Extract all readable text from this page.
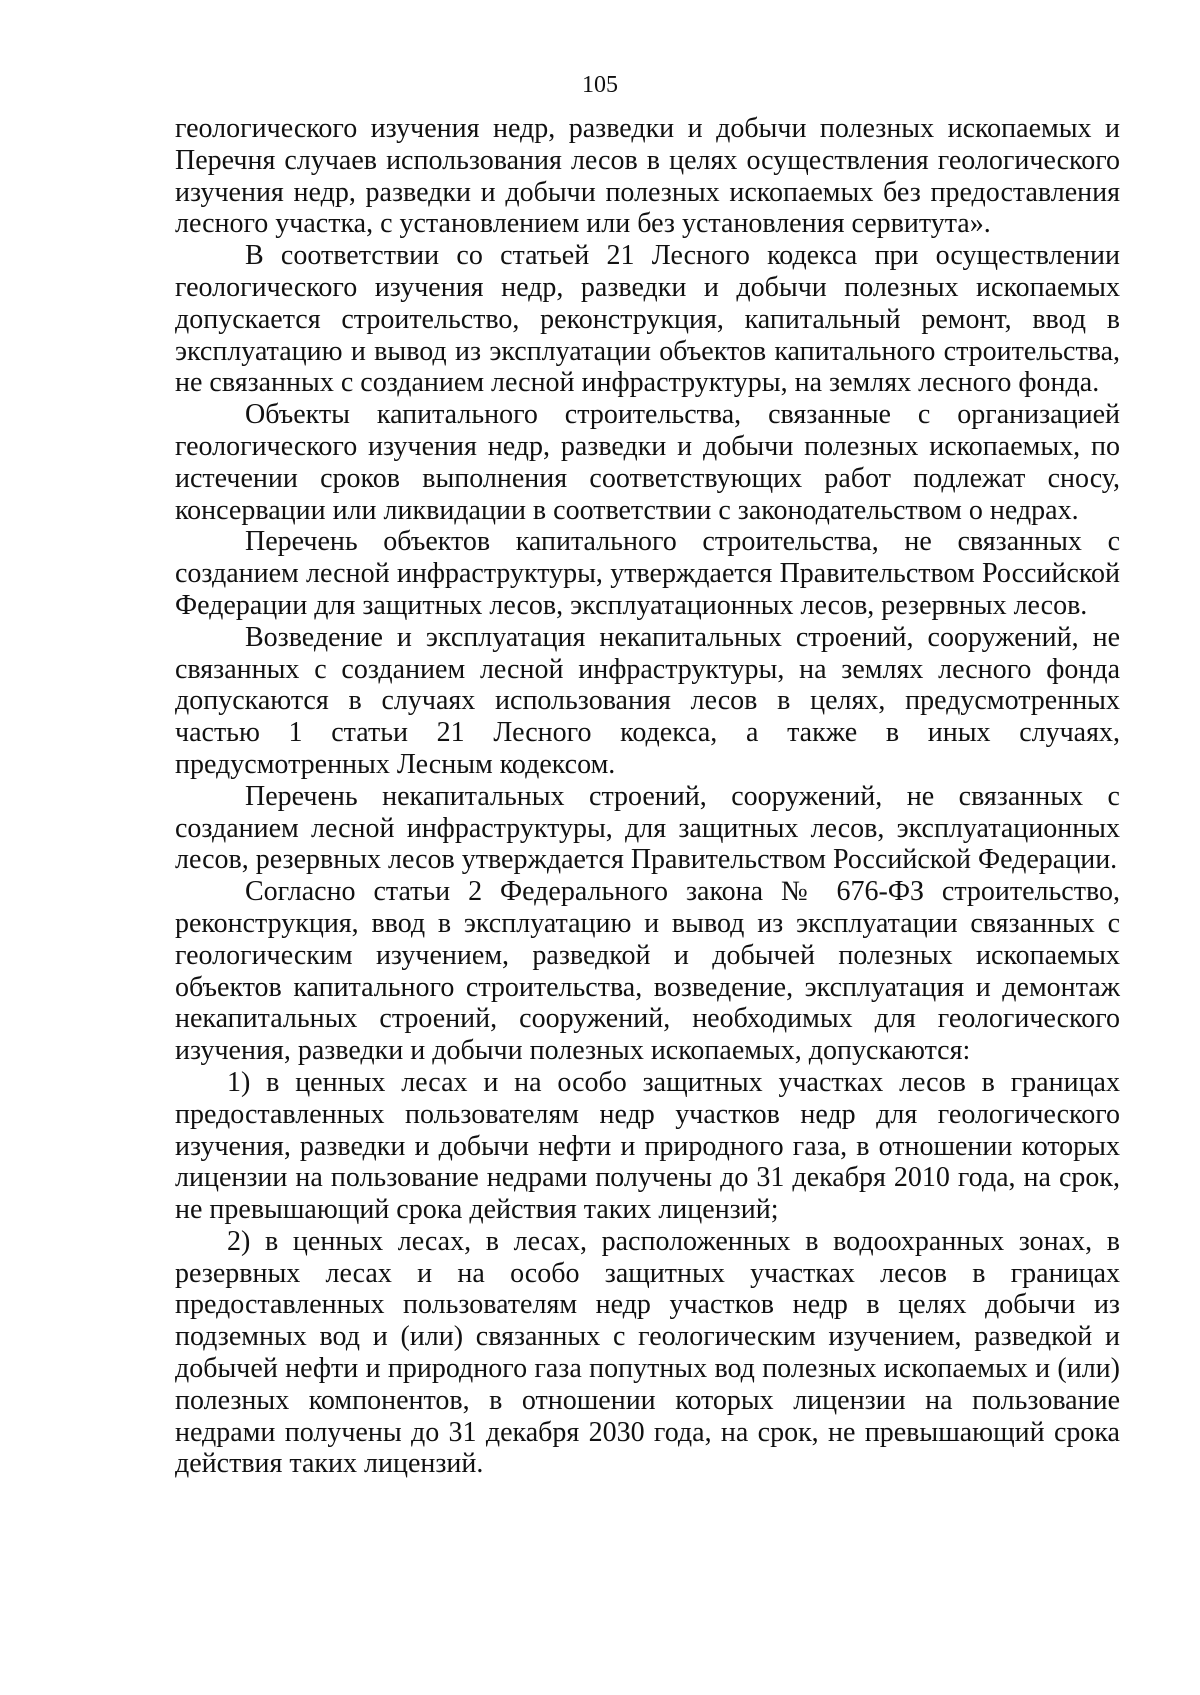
105

геологического изучения недр, разведки и добычи полезных ископаемых и Перечня случаев использования лесов в целях осуществления геологического изучения недр, разведки и добычи полезных ископаемых без предоставления лесного участка, с установлением или без установления сервитута».

В соответствии со статьей 21 Лесного кодекса при осуществлении геологического изучения недр, разведки и добычи полезных ископаемых допускается строительство, реконструкция, капитальный ремонт, ввод в эксплуатацию и вывод из эксплуатации объектов капитального строительства, не связанных с созданием лесной инфраструктуры, на землях лесного фонда.

Объекты капитального строительства, связанные с организацией геологического изучения недр, разведки и добычи полезных ископаемых, по истечении сроков выполнения соответствующих работ подлежат сносу, консервации или ликвидации в соответствии с законодательством о недрах.

Перечень объектов капитального строительства, не связанных с созданием лесной инфраструктуры, утверждается Правительством Российской Федерации для защитных лесов, эксплуатационных лесов, резервных лесов.

Возведение и эксплуатация некапитальных строений, сооружений, не связанных с созданием лесной инфраструктуры, на землях лесного фонда допускаются в случаях использования лесов в целях, предусмотренных частью 1 статьи 21 Лесного кодекса, а также в иных случаях, предусмотренных Лесным кодексом.

Перечень некапитальных строений, сооружений, не связанных с созданием лесной инфраструктуры, для защитных лесов, эксплуатационных лесов, резервных лесов утверждается Правительством Российской Федерации.

Согласно статьи 2 Федерального закона № 676-ФЗ строительство, реконструкция, ввод в эксплуатацию и вывод из эксплуатации связанных с геологическим изучением, разведкой и добычей полезных ископаемых объектов капитального строительства, возведение, эксплуатация и демонтаж некапитальных строений, сооружений, необходимых для геологического изучения, разведки и добычи полезных ископаемых, допускаются:

1) в ценных лесах и на особо защитных участках лесов в границах предоставленных пользователям недр участков недр для геологического изучения, разведки и добычи нефти и природного газа, в отношении которых лицензии на пользование недрами получены до 31 декабря 2010 года, на срок, не превышающий срока действия таких лицензий;

2) в ценных лесах, в лесах, расположенных в водоохранных зонах, в резервных лесах и на особо защитных участках лесов в границах предоставленных пользователям недр участков недр в целях добычи из подземных вод и (или) связанных с геологическим изучением, разведкой и добычей нефти и природного газа попутных вод полезных ископаемых и (или) полезных компонентов, в отношении которых лицензии на пользование недрами получены до 31 декабря 2030 года, на срок, не превышающий срока действия таких лицензий.
